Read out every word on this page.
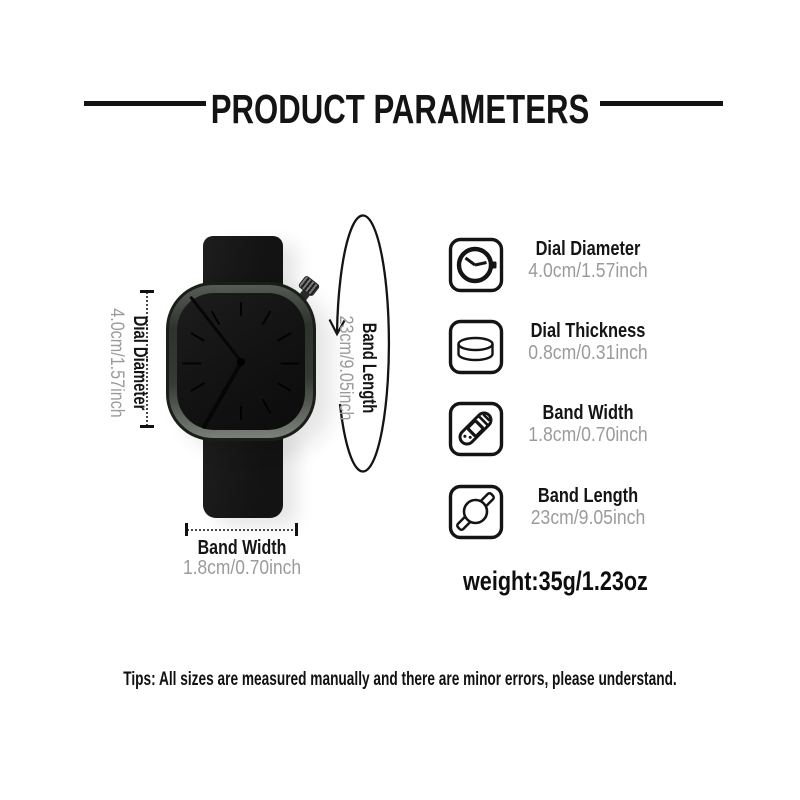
PRODUCT PARAMETERS
Dial Diameter
4.0cm/1.57inch	Band Length
23cm/9.05inch
Band Width
1.8cm/0.70inch
Dial Diameter
4.0cm/1.57inch
Dial Thickness
0.8cm/0.31inch
Band Width
1.8cm/0.70inch
Band Length
23cm/9.05inch
weight:35g/1.23oz
Tips: All sizes are measured manually and there are minor errors, please understand.
